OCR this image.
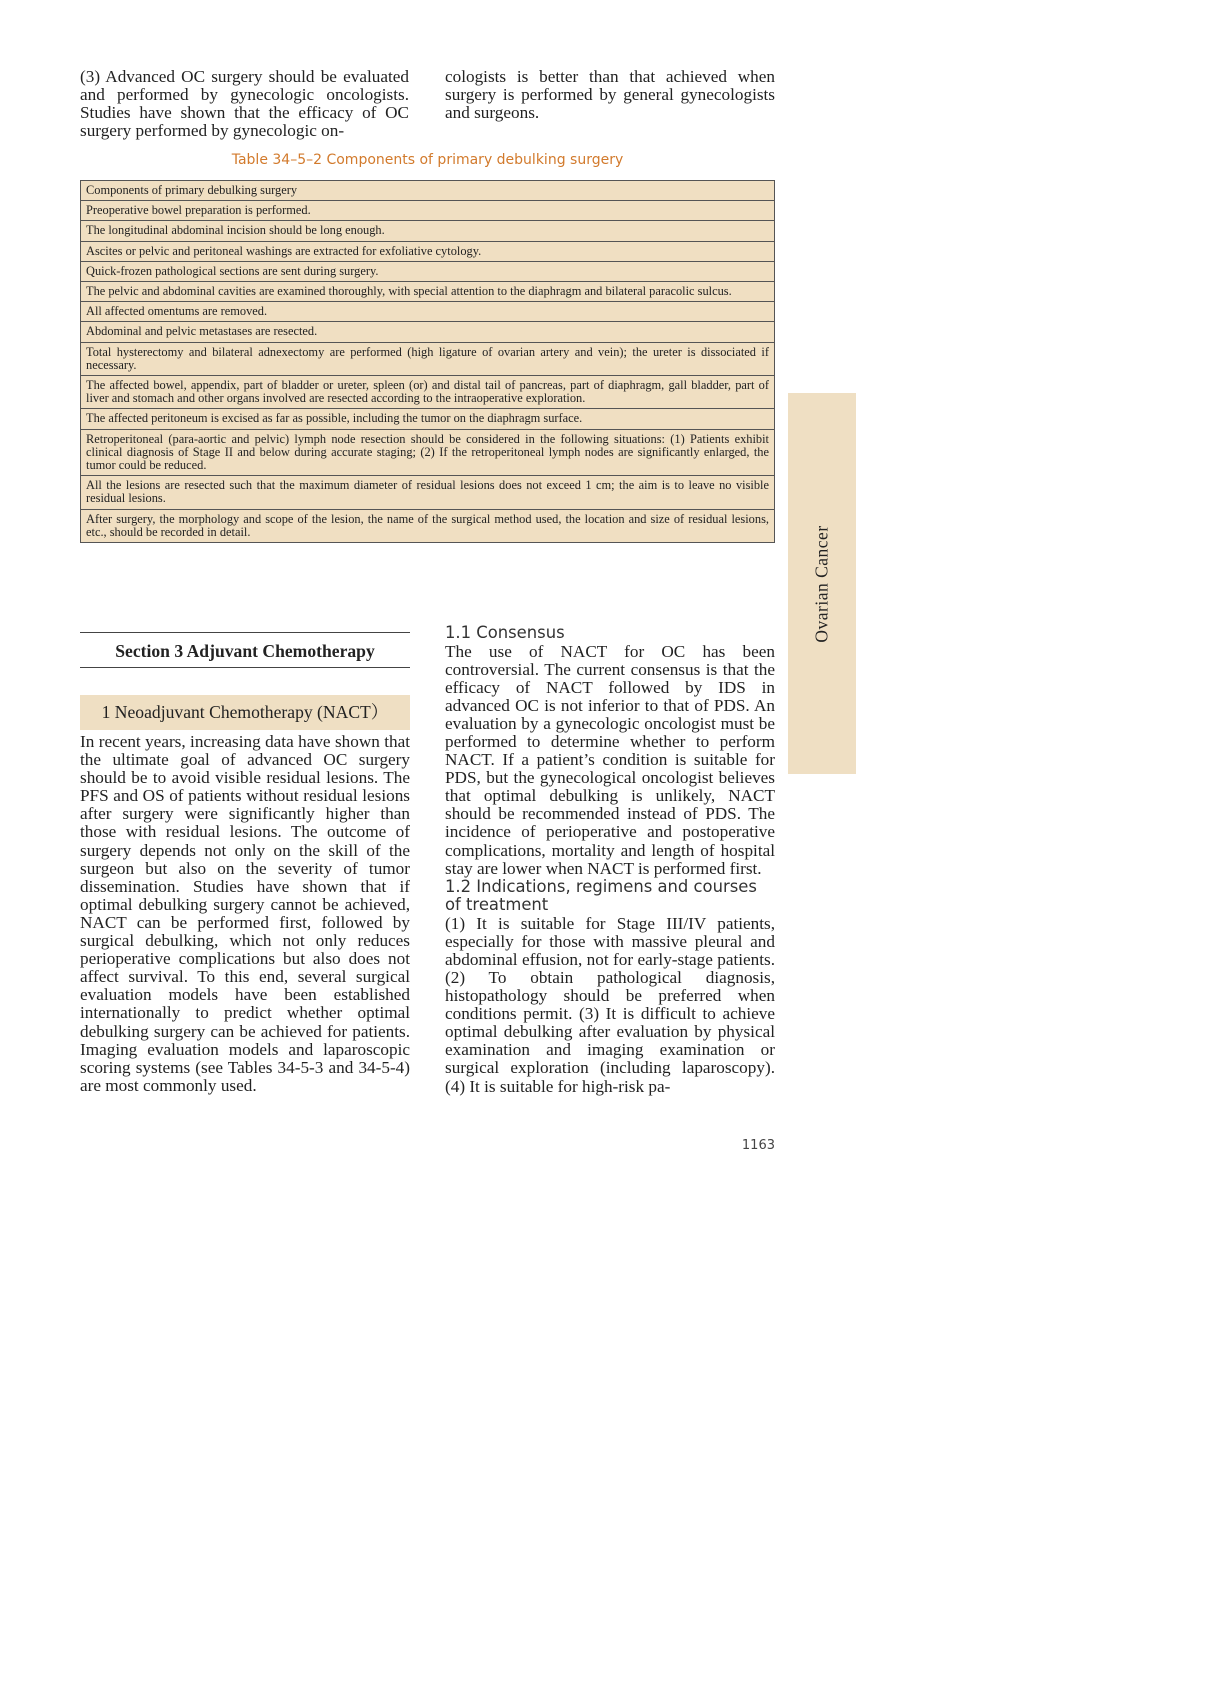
(3) Advanced OC surgery should be evaluated and performed by gynecologic oncologists. Studies have shown that the efficacy of OC surgery performed by gynecologic on-

cologists is better than that achieved when surgery is performed by general gynecologists and surgeons.

Table 34–5–2 Components of primary debulking surgery
Components of primary debulking surgery
Preoperative bowel preparation is performed.
The longitudinal abdominal incision should be long enough.
Ascites or pelvic and peritoneal washings are extracted for exfoliative cytology.
Quick-frozen pathological sections are sent during surgery.
The pelvic and abdominal cavities are examined thoroughly, with special attention to the diaphragm and bilateral paracolic sulcus.
All affected omentums are removed.
Abdominal and pelvic metastases are resected.
Total hysterectomy and bilateral adnexectomy are performed (high ligature of ovarian artery and vein); the ureter is dissociated if necessary.
The affected bowel, appendix, part of bladder or ureter, spleen (or) and distal tail of pancreas, part of diaphragm, gall bladder, part of liver and stomach and other organs involved are resected according to the intraoperative exploration.
The affected peritoneum is excised as far as possible, including the tumor on the diaphragm surface.
Retroperitoneal (para-aortic and pelvic) lymph node resection should be considered in the following situations: (1) Patients exhibit clinical diagnosis of Stage II and below during accurate staging; (2) If the retroperitoneal lymph nodes are significantly enlarged, the tumor could be reduced.
All the lesions are resected such that the maximum diameter of residual lesions does not exceed 1 cm; the aim is to leave no visible residual lesions.
After surgery, the morphology and scope of the lesion, the name of the surgical method used, the location and size of residual lesions, etc., should be recorded in detail.	Ovarian Cancer
Section 3 Adjuvant Chemotherapy
1 Neoadjuvant Chemotherapy (NACT）

In recent years, increasing data have shown that the ultimate goal of advanced OC surgery should be to avoid visible residual lesions. The PFS and OS of patients without residual lesions after surgery were significantly higher than those with residual lesions. The outcome of surgery depends not only on the skill of the surgeon but also on the severity of tumor dissemination. Studies have shown that if optimal debulking surgery cannot be achieved, NACT can be performed first, followed by surgical debulking, which not only reduces perioperative complications but also does not affect survival. To this end, several surgical evaluation models have been established internationally to predict whether optimal debulking surgery can be achieved for patients. Imaging evaluation models and laparoscopic scoring systems (see Tables 34-5-3 and 34-5-4) are most commonly used.

1.1 Consensus

The use of NACT for OC has been controversial. The current consensus is that the efficacy of NACT followed by IDS in advanced OC is not inferior to that of PDS. An evaluation by a gynecologic oncologist must be performed to determine whether to perform NACT. If a patient’s condition is suitable for PDS, but the gynecological oncologist believes that optimal debulking is unlikely, NACT should be recommended instead of PDS. The incidence of perioperative and postoperative complications, mortality and length of hospital stay are lower when NACT is performed first.

1.2 Indications, regimens and courses of treatment

(1) It is suitable for Stage III/IV patients, especially for those with massive pleural and abdominal effusion, not for early-stage patients. (2) To obtain pathological diagnosis, histopathology should be preferred when conditions permit. (3) It is difficult to achieve optimal debulking after evaluation by physical examination and imaging examination or surgical exploration (including laparoscopy). (4) It is suitable for high-risk pa-

1163
